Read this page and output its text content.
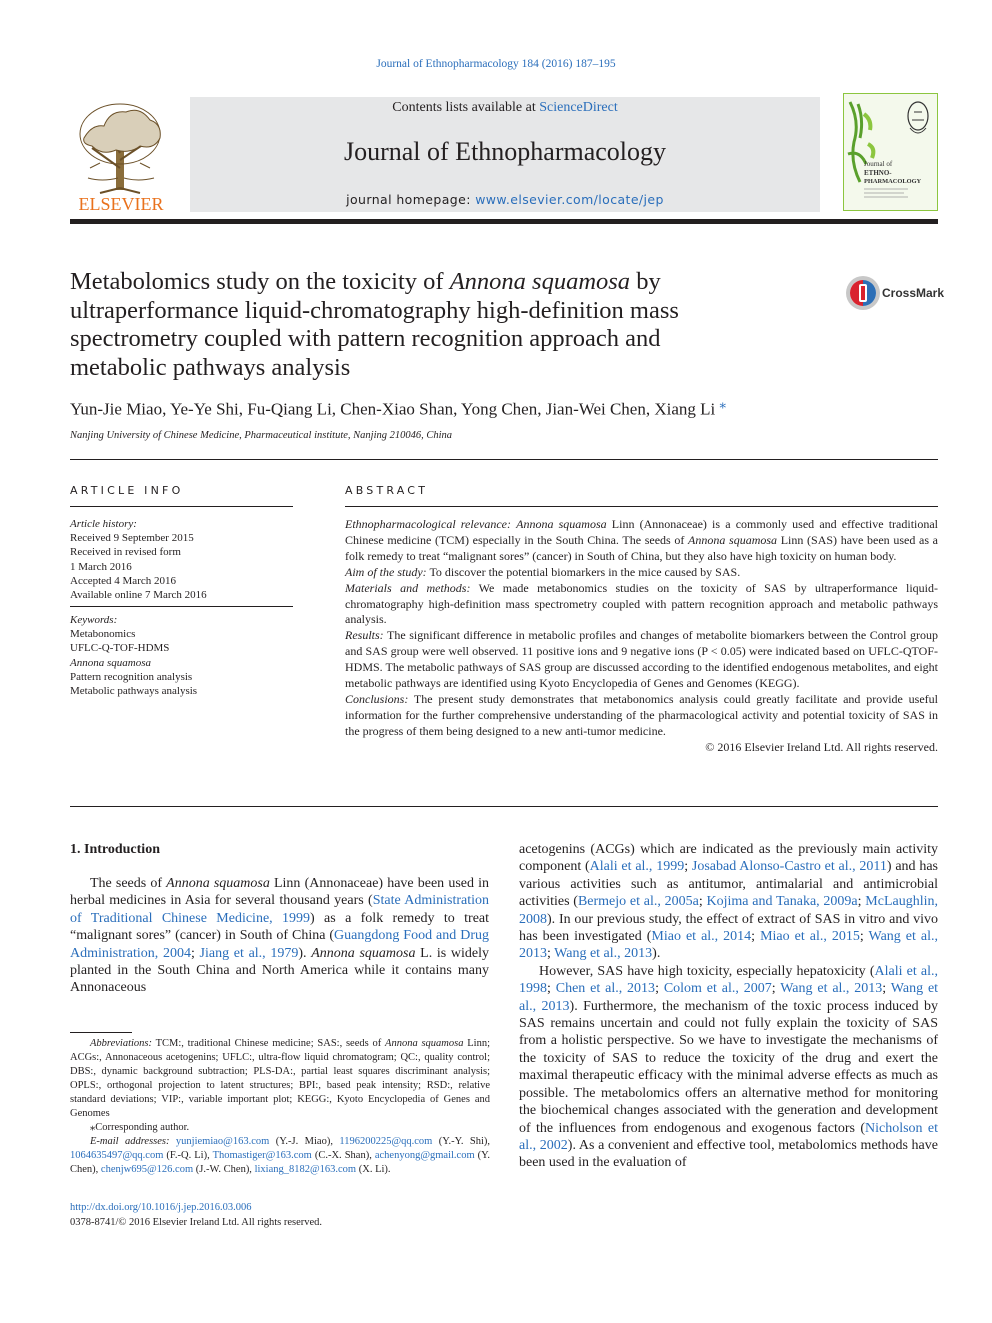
Journal of Ethnopharmacology 184 (2016) 187–195
ELSEVIER
Contents lists available at ScienceDirect
Journal of Ethnopharmacology
journal homepage: www.elsevier.com/locate/jep
Journal of
ETHNO-
PHARMACOLOGY
Metabolomics study on the toxicity of Annona squamosa by ultraperformance liquid-chromatography high-definition mass spectrometry coupled with pattern recognition approach and metabolic pathways analysis
CrossMark
Yun-Jie Miao, Ye-Ye Shi, Fu-Qiang Li, Chen-Xiao Shan, Yong Chen, Jian-Wei Chen, Xiang Li ⁎
Nanjing University of Chinese Medicine, Pharmaceutical institute, Nanjing 210046, China
ARTICLE INFO
Article history:
Received 9 September 2015
Received in revised form
1 March 2016
Accepted 4 March 2016
Available online 7 March 2016
Keywords:
Metabonomics
UFLC-Q-TOF-HDMS
Annona squamosa
Pattern recognition analysis
Metabolic pathways analysis
ABSTRACT

Ethnopharmacological relevance: Annona squamosa Linn (Annonaceae) is a commonly used and effective traditional Chinese medicine (TCM) especially in the South China. The seeds of Annona squamosa Linn (SAS) have been used as a folk remedy to treat “malignant sores” (cancer) in South of China, but they also have high toxicity on human body.

Aim of the study: To discover the potential biomarkers in the mice caused by SAS.

Materials and methods: We made metabonomics studies on the toxicity of SAS by ultraperformance liquid-chromatography high-definition mass spectrometry coupled with pattern recognition approach and metabolic pathways analysis.

Results: The significant difference in metabolic profiles and changes of metabolite biomarkers between the Control group and SAS group were well observed. 11 positive ions and 9 negative ions (P < 0.05) were indicated based on UFLC-QTOF-HDMS. The metabolic pathways of SAS group are discussed according to the identified endogenous metabolites, and eight metabolic pathways are identified using Kyoto Encyclopedia of Genes and Genomes (KEGG).

Conclusions: The present study demonstrates that metabonomics analysis could greatly facilitate and provide useful information for the further comprehensive understanding of the pharmacological activity and potential toxicity of SAS in the progress of them being designed to a new anti-tumor medicine.

© 2016 Elsevier Ireland Ltd. All rights reserved.

1. Introduction

The seeds of Annona squamosa Linn (Annonaceae) have been used in herbal medicines in Asia for several thousand years (State Administration of Traditional Chinese Medicine, 1999) as a folk remedy to treat “malignant sores” (cancer) in South of China (Guangdong Food and Drug Administration, 2004; Jiang et al., 1979). Annona squamosa L. is widely planted in the South China and North America while it contains many Annonaceous

acetogenins (ACGs) which are indicated as the previously main activity component (Alali et al., 1999; Josabad Alonso-Castro et al., 2011) and has various activities such as antitumor, antimalarial and antimicrobial activities (Bermejo et al., 2005a; Kojima and Tanaka, 2009a; McLaughlin, 2008). In our previous study, the effect of extract of SAS in vitro and vivo has been investigated (Miao et al., 2014; Miao et al., 2015; Wang et al., 2013; Wang et al., 2013).

However, SAS have high toxicity, especially hepatoxicity (Alali et al., 1998; Chen et al., 2013; Colom et al., 2007; Wang et al., 2013; Wang et al., 2013). Furthermore, the mechanism of the toxic process induced by SAS remains uncertain and could not fully explain the toxicity of SAS from a holistic perspective. So we have to investigate the mechanisms of the toxicity of SAS to reduce the toxicity of the drug and exert the maximal therapeutic efficacy with the minimal adverse effects as much as possible. The metabolomics offers an alternative method for monitoring the biochemical changes associated with the generation and development of the influences from endogenous and exogenous factors (Nicholson et al., 2002). As a convenient and effective tool, metabolomics methods have been used in the evaluation of

Abbreviations: TCM:, traditional Chinese medicine; SAS:, seeds of Annona squamosa Linn; ACGs:, Annonaceous acetogenins; UFLC:, ultra-flow liquid chromatogram; QC:, quality control; DBS:, dynamic background subtraction; PLS-DA:, partial least squares discriminant analysis; OPLS:, orthogonal projection to latent structures; BPI:, based peak intensity; RSD:, relative standard deviations; VIP:, variable important plot; KEGG:, Kyoto Encyclopedia of Genes and Genomes

⁎Corresponding author.

E-mail addresses: yunjiemiao@163.com (Y.-J. Miao), 1196200225@qq.com (Y.-Y. Shi), 1064635497@qq.com (F.-Q. Li), Thomastiger@163.com (C.-X. Shan), achenyong@gmail.com (Y. Chen), chenjw695@126.com (J.-W. Chen), lixiang_8182@163.com (X. Li).

http://dx.doi.org/10.1016/j.jep.2016.03.006
0378-8741/© 2016 Elsevier Ireland Ltd. All rights reserved.
